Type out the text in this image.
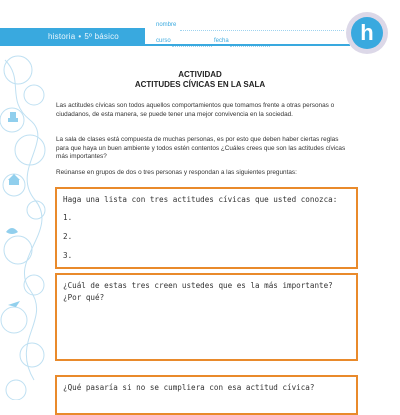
historia • 5º básico
nombre
curso	fecha	h
ACTIVIDAD
ACTITUDES CÍVICAS EN LA SALA
Las actitudes cívicas son todos aquellos comportamientos que tomamos frente a otras personas o ciudadanos, de esta manera, se puede tener una mejor convivencia en la sociedad.
La sala de clases está compuesta de muchas personas, es por esto que deben haber ciertas reglas para que haya un buen ambiente y todos estén contentos ¿Cuáles crees que son las actitudes cívicas más importantes?
Reúnanse en grupos de dos o tres personas y respondan a las siguientes preguntas:
Haga una lista con tres actitudes cívicas que usted conozca:
1.
2.
3.
¿Cuál de estas tres creen ustedes que es la más importante?
¿Por qué?
¿Qué pasaría si no se cumpliera con esa actitud cívica?
